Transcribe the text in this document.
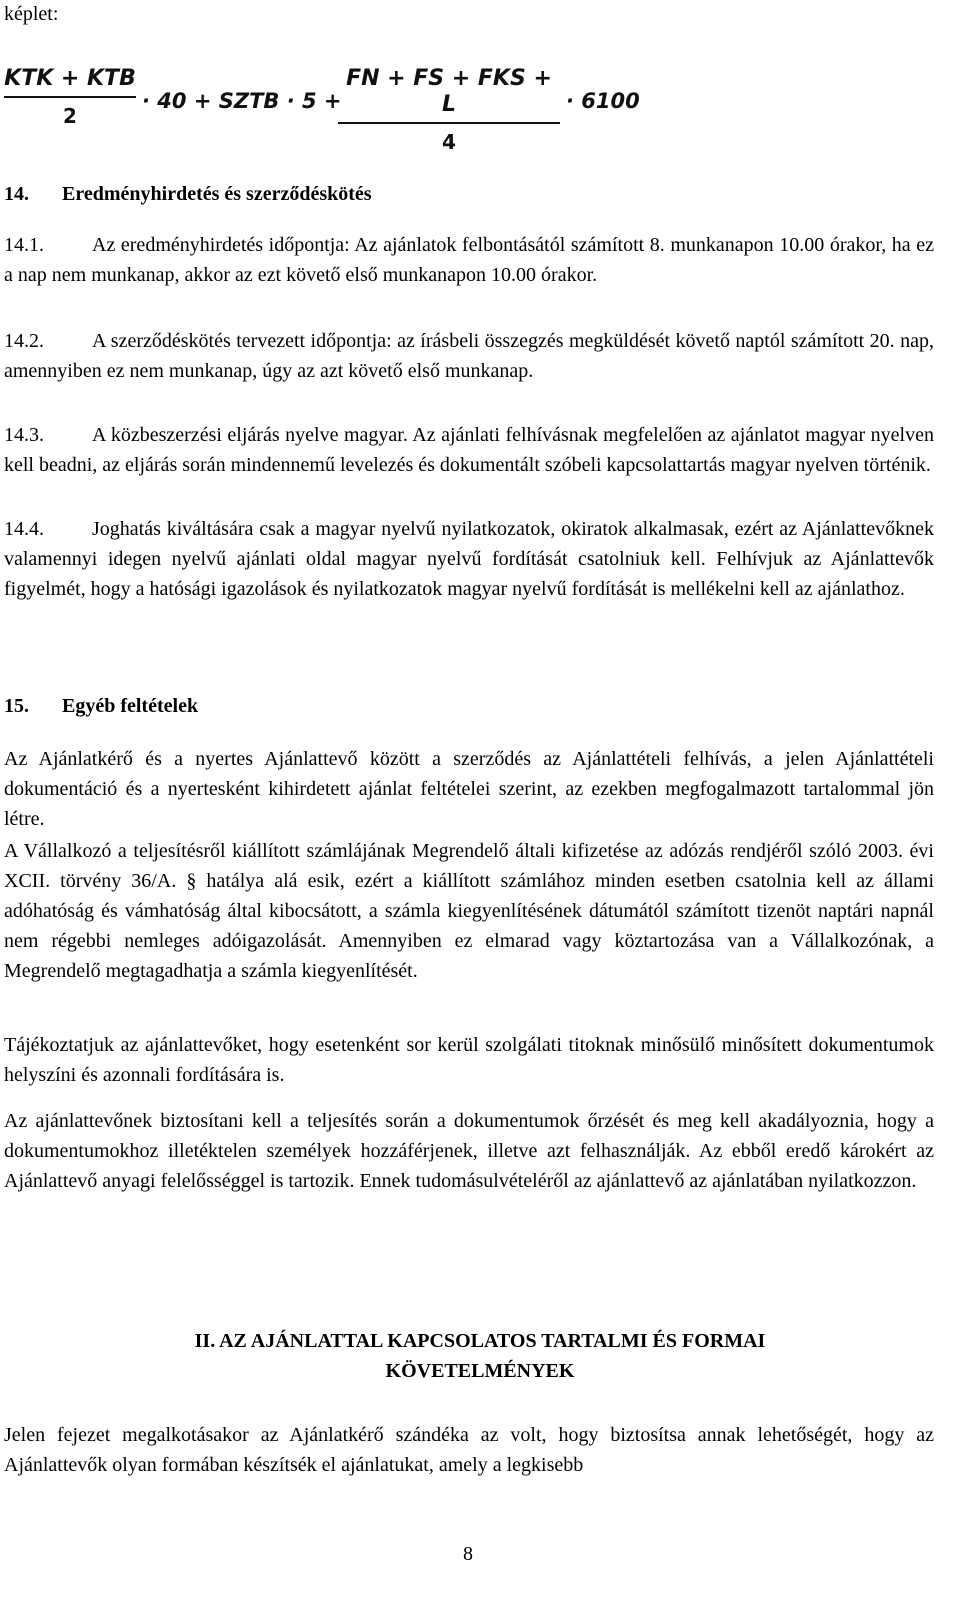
képlet:
KTK + KTB
2
· 40 + SZTB · 5 +
FN + FS + FKS + L
4
· 6100
14. Eredményhirdetés és szerződéskötés
14.1.	Az eredményhirdetés időpontja: Az ajánlatok felbontásától számított 8. munkanapon 10.00 órakor, ha ez a nap nem munkanap, akkor az ezt követő első munkanapon 10.00 órakor.
14.2.	A szerződéskötés tervezett időpontja: az írásbeli összegzés megküldését követő naptól számított 20. nap, amennyiben ez nem munkanap, úgy az azt követő első munkanap.
14.3.	A közbeszerzési eljárás nyelve magyar. Az ajánlati felhívásnak megfelelően az ajánlatot magyar nyelven kell beadni, az eljárás során mindennemű levelezés és dokumentált szóbeli kapcsolattartás magyar nyelven történik.
14.4.	Joghatás kiváltására csak a magyar nyelvű nyilatkozatok, okiratok alkalmasak, ezért az Ajánlattevőknek valamennyi idegen nyelvű ajánlati oldal magyar nyelvű fordítását csatolniuk kell. Felhívjuk az Ajánlattevők figyelmét, hogy a hatósági igazolások és nyilatkozatok magyar nyelvű fordítását is mellékelni kell az ajánlathoz.
15. Egyéb feltételek

Az Ajánlatkérő és a nyertes Ajánlattevő között a szerződés az Ajánlattételi felhívás, a jelen Ajánlattételi dokumentáció és a nyertesként kihirdetett ajánlat feltételei szerint, az ezekben megfogalmazott tartalommal jön létre.

A Vállalkozó a teljesítésről kiállított számlájának Megrendelő általi kifizetése az adózás rendjéről szóló 2003. évi XCII. törvény 36/A. § hatálya alá esik, ezért a kiállított számlához minden esetben csatolnia kell az állami adóhatóság és vámhatóság által kibocsátott, a számla kiegyenlítésének dátumától számított tizenöt naptári napnál nem régebbi nemleges adóigazolását. Amennyiben ez elmarad vagy köztartozása van a Vállalkozónak, a Megrendelő megtagadhatja a számla kiegyenlítését.

Tájékoztatjuk az ajánlattevőket, hogy esetenként sor kerül szolgálati titoknak minősülő minősített dokumentumok helyszíni és azonnali fordítására is.

Az ajánlattevőnek biztosítani kell a teljesítés során a dokumentumok őrzését és meg kell akadályoznia, hogy a dokumentumokhoz illetéktelen személyek hozzáférjenek, illetve azt felhasználják. Az ebből eredő károkért az Ajánlattevő anyagi felelősséggel is tartozik. Ennek tudomásulvételéről az ajánlattevő az ajánlatában nyilatkozzon.

II. AZ AJÁNLATTAL KAPCSOLATOS TARTALMI ÉS FORMAI
KÖVETELMÉNYEK

Jelen fejezet megalkotásakor az Ajánlatkérő szándéka az volt, hogy biztosítsa annak lehetőségét, hogy az Ajánlattevők olyan formában készítsék el ajánlatukat, amely a legkisebb

8
